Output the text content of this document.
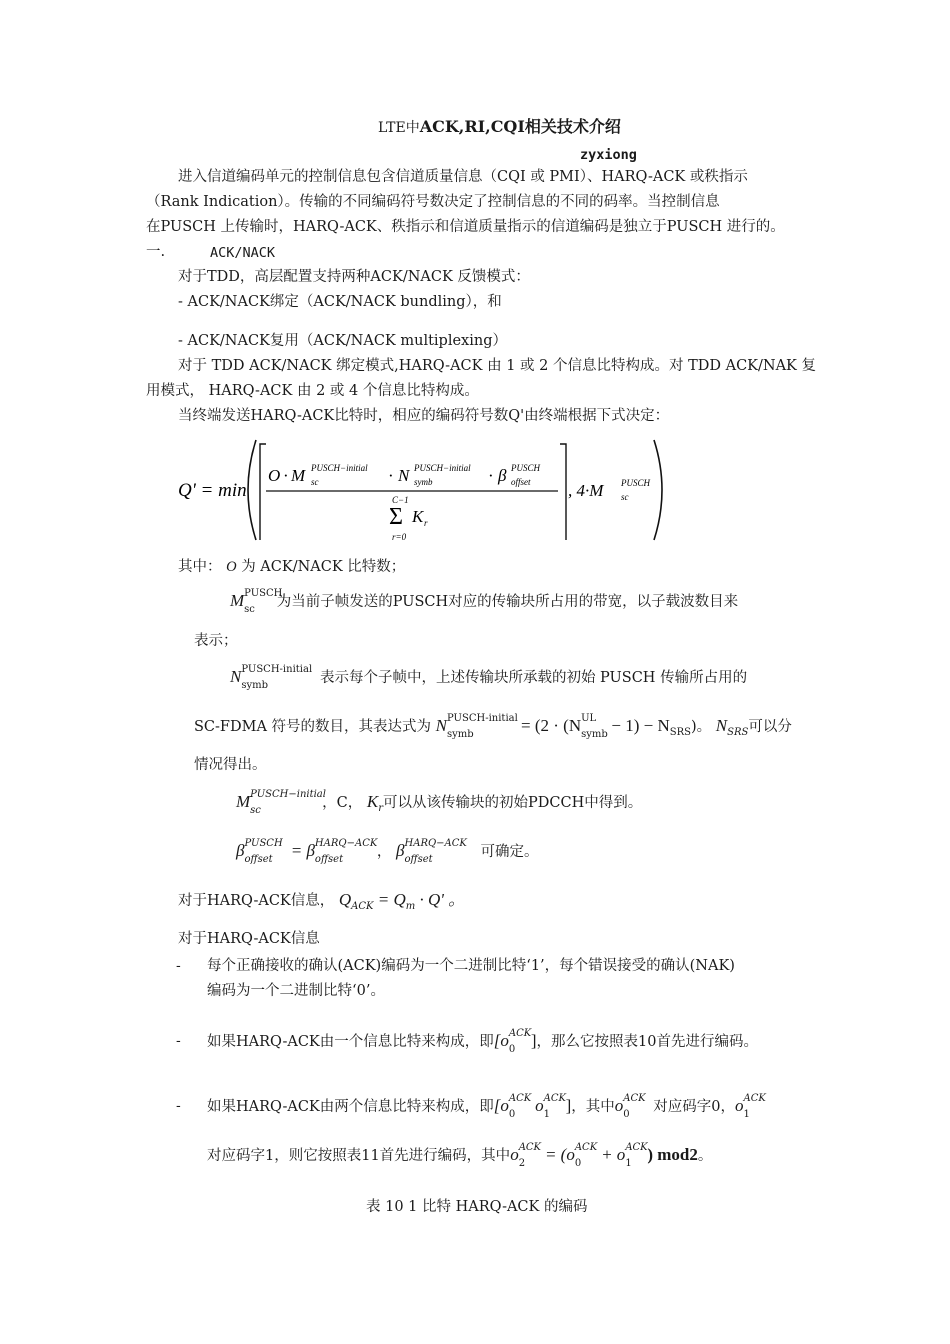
LTE中ACK,RI,CQI相关技术介绍
zyxiong
进入信道编码单元的控制信息包含信道质量信息（CQI 或 PMI）、HARQ-ACK 或秩指示
（Rank Indication）。传输的不同编码符号数决定了控制信息的不同的码率。当控制信息
在PUSCH 上传输时，HARQ-ACK、秩指示和信道质量指示的信道编码是独立于PUSCH 进行的。
一.	ACK/NACK
对于TDD，高层配置支持两种ACK/NACK 反馈模式：
- ACK/NACK绑定（ACK/NACK bundling），和
- ACK/NACK复用（ACK/NACK multiplexing）
对于 TDD ACK/NACK 绑定模式,HARQ-ACK 由 1 或 2 个信息比特构成。对 TDD ACK/NAK 复
用模式， HARQ-ACK 由 2 或 4 个信息比特构成。
当终端发送HARQ-ACK比特时，相应的编码符号数Q'由终端根据下式决定：
Q' = min
O · M PUSCH−initial
sc	· N PUSCH−initial
symb	· β PUSCH
offset
C−1
Σ
r=0
K r
, 4·M PUSCH
sc
其中： O 为 ACK/NACK 比特数；
M PUSCH
sc 为当前子帧发送的PUSCH对应的传输块所占用的带宽，以子载波数目来
表示；
N PUSCH-initial
symb	表示每个子帧中，上述传输块所承载的初始 PUSCH 传输所占用的
SC-FDMA 符号的数目，其表达式为 N PUSCH-initial
symb	= (2 · (N UL
symb − $1) - N_{SRS}$)。 $N_{SRS}$可以分
情况得出。
M PUSCH−initial
sc	，C， $K_r$可以从该传输块的初始PDCCH中得到。
β PUSCH
offset = β HARQ−ACK
offset ， β HARQ−ACK
offset	可确定。
对于HARQ-ACK信息， $Q_{ACK} = Q_m \cdot Q'$ 。
对于HARQ-ACK信息
- 每个正确接收的确认(ACK)编码为一个二进制比特‘1’，每个错误接受的确认(NAK)
编码为一个二进制比特‘0’。
- 如果HARQ-ACK由一个信息比特来构成，即[o ACK
0 ]，那么它按照表10首先进行编码。
- 如果HARQ-ACK由两个信息比特来构成，即[o ACK
0 o ACK
1 ]，其中o ACK
0 对应码字0，o ACK
1
对应码字1，则它按照表11首先进行编码，其中o ACK
2 = (o ACK
0 + o ACK
1 ) mod2。
表 10 1 比特 HARQ-ACK 的编码
